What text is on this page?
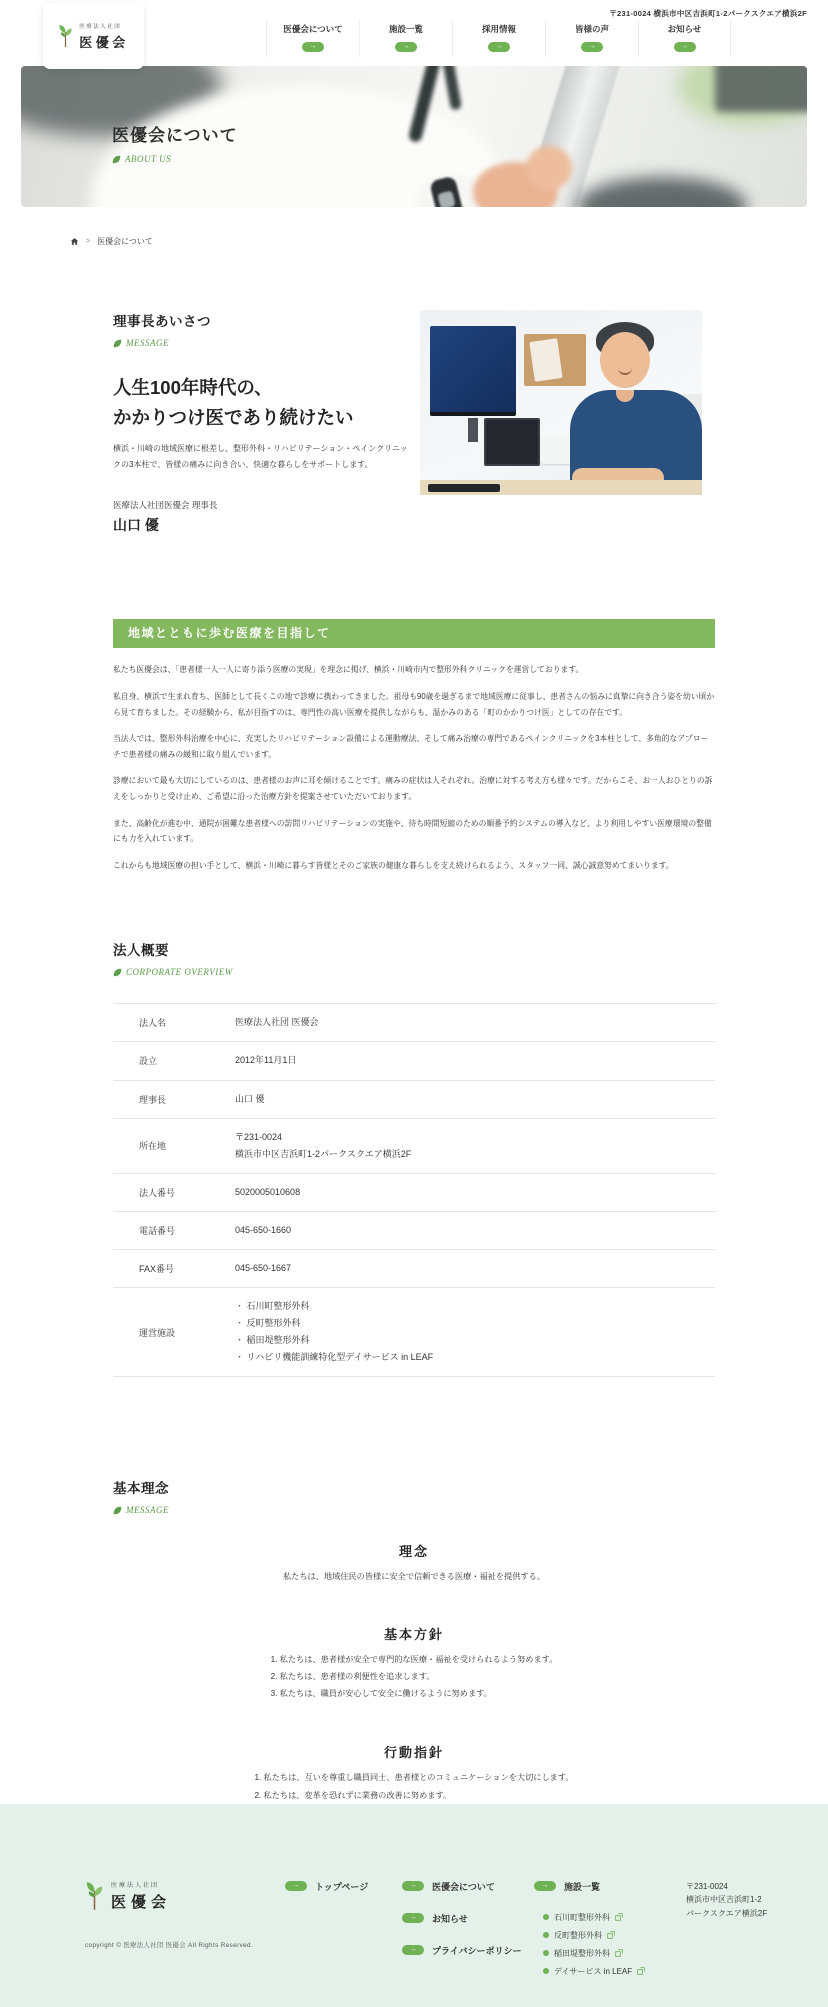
医療法人社団
医優会
〒231-0024 横浜市中区吉浜町1-2パークスクエア横浜2F
医優会について
→
施設一覧
→
採用情報
→
皆様の声
→
お知らせ
→
医優会について
ABOUT US
> 医優会について
理事長あいさつ
MESSAGE
人生100年時代の、
かかりつけ医であり続けたい
横浜・川崎の地域医療に根差し、整形外科・リハビリテーション・ペインクリニックの3本柱で、皆様の痛みに向き合い、快適な暮らしをサポートします。
医療法人社団医優会 理事長
山口 優
地域とともに歩む医療を目指して

私たち医優会は、「患者様一人一人に寄り添う医療の実現」を理念に掲げ、横浜・川崎市内で整形外科クリニックを運営しております。

私自身、横浜で生まれ育ち、医師として長くこの地で診療に携わってきました。祖母も90歳を過ぎるまで地域医療に従事し、患者さんの悩みに真摯に向き合う姿を幼い頃から見て育ちました。その経験から、私が目指すのは、専門性の高い医療を提供しながらも、温かみのある「町のかかりつけ医」としての存在です。

当法人では、整形外科治療を中心に、充実したリハビリテーション設備による運動療法、そして痛み治療の専門であるペインクリニックを3本柱として、多角的なアプローチで患者様の痛みの緩和に取り組んでいます。

診療において最も大切にしているのは、患者様のお声に耳を傾けることです。痛みの症状は人それぞれ。治療に対する考え方も様々です。だからこそ、お一人おひとりの訴えをしっかりと受け止め、ご希望に沿った治療方針を提案させていただいております。

また、高齢化が進む中、通院が困難な患者様への訪問リハビリテーションの実施や、待ち時間短縮のための順番予約システムの導入など、より利用しやすい医療環境の整備にも力を入れています。

これからも地域医療の担い手として、横浜・川崎に暮らす皆様とそのご家族の健康な暮らしを支え続けられるよう、スタッフ一同、誠心誠意努めてまいります。

法人概要
CORPORATE OVERVIEW
法人名	医療法人社団 医優会
設立	2012年11月1日
理事長	山口 優
所在地	〒231-0024
横浜市中区吉浜町1-2パークスクエア横浜2F

法人番号	5020005010608
電話番号	045-650-1660
FAX番号	045-650-1667
運営施設	
・ 石川町整形外科
・ 反町整形外科
・ 稲田堤整形外科
・ リハビリ機能訓練特化型デイサービス in LEAF
基本理念
MESSAGE
理念
私たちは、地域住民の皆様に安全で信頼できる医療・福祉を提供する。
基本方針
1. 私たちは、患者様が安全で専門的な医療・福祉を受けられるよう努めます。
2. 私たちは、患者様の利便性を追求します。
3. 私たちは、職員が安心して安全に働けるように努めます。
行動指針
1. 私たちは、互いを尊重し職員同士、患者様とのコミュニケーションを大切にします。
2. 私たちは、変革を恐れずに業務の改善に努めます。
医療法人社団
医優会
copyright © 医療法人社団 医優会 All Rights Reserved.
→	トップページ	→	医優会について
→	お知らせ
→	プライバシーポリシー
→	施設一覧
石川町整形外科
反町整形外科
稲田堤整形外科
デイサービス in LEAF
〒231-0024
横浜市中区吉浜町1-2
パークスクエア横浜2F
